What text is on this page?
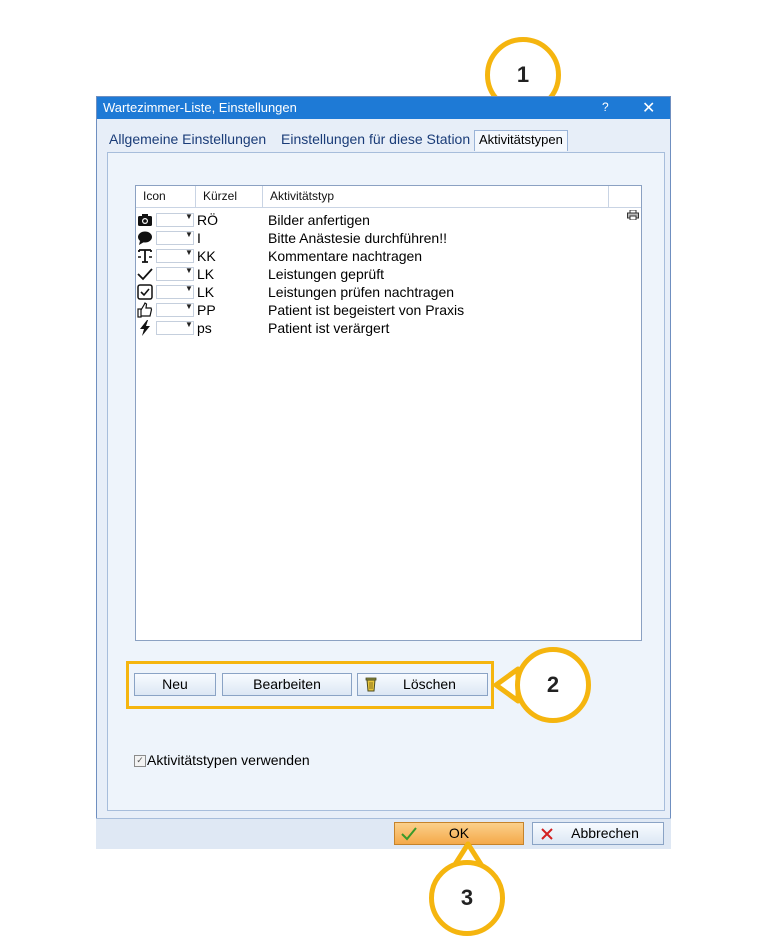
1
Wartezimmer-Liste, Einstellungen	? ✕
Allgemeine Einstellungen Einstellungen für diese Station Aktivitätstypen
Icon	Kürzel	Aktivitätstyp
▼ RÖ	Bilder anfertigen
▼ I	Bitte Anästesie durchführen!!
▼ KK	Kommentare nachtragen
▼ LK	Leistungen geprüft
▼ LK	Leistungen prüfen nachtragen
▼ PP	Patient ist begeistert von Praxis
▼ ps	Patient ist verärgert
Neu	Bearbeiten	Löschen	2
✓ Aktivitätstypen verwenden
OK	Abbrechen
3
